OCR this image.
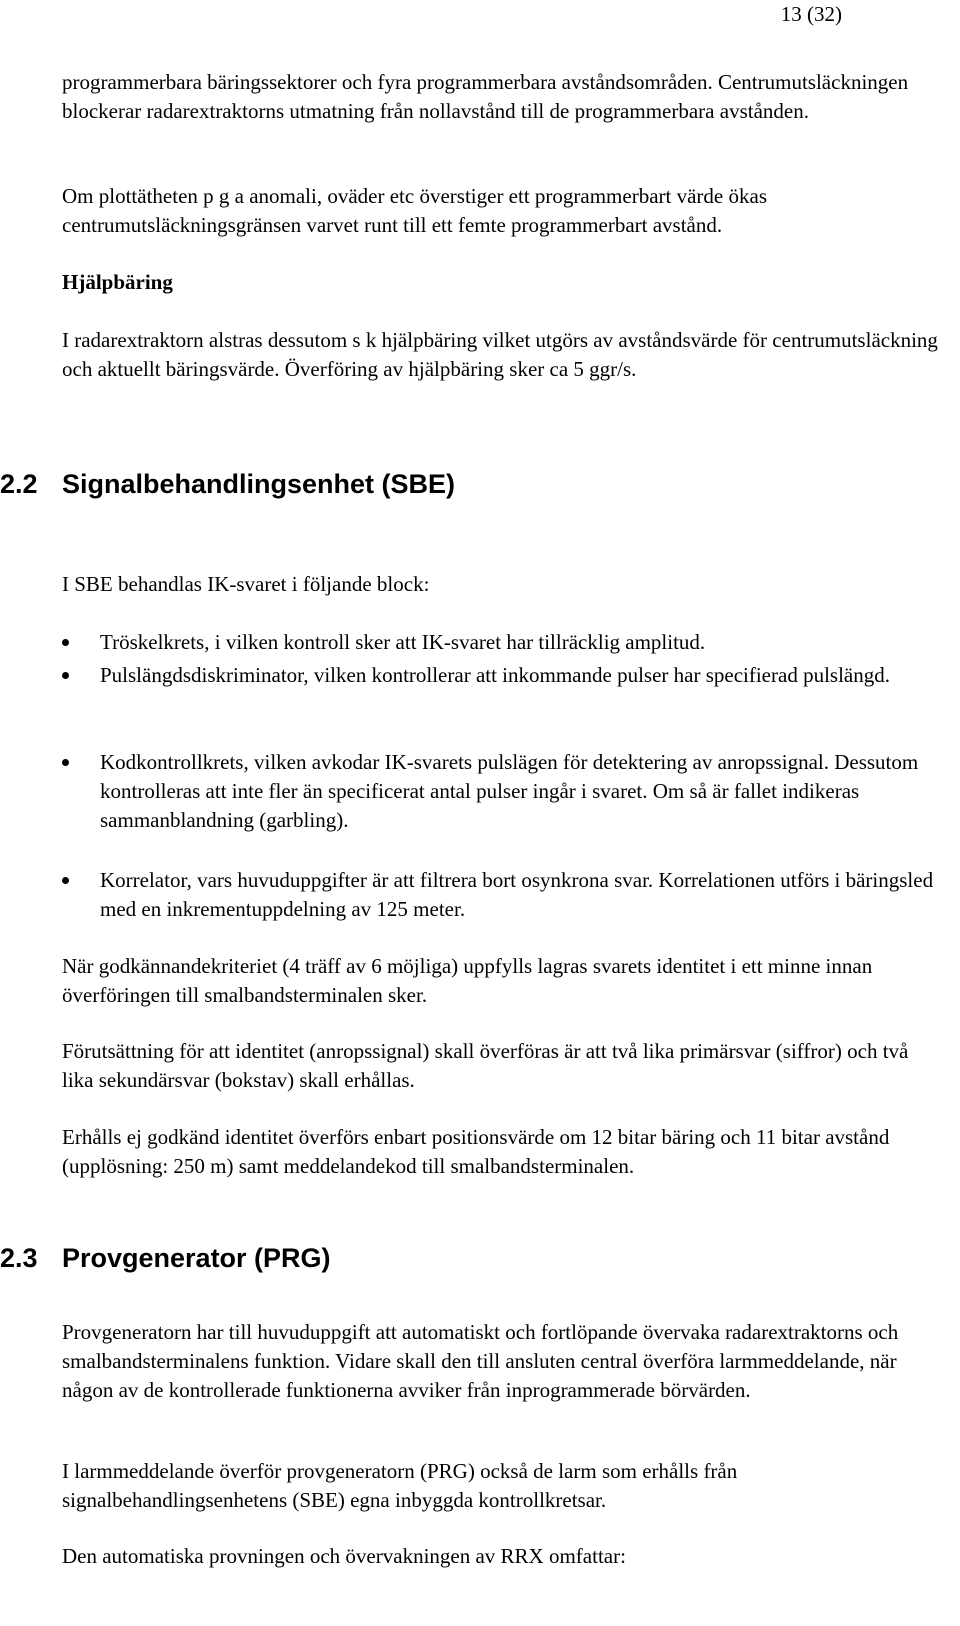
13 (32)

programmerbara bäringssektorer och fyra programmerbara avståndsområden. Centrumutsläckningen blockerar radarextraktorns utmatning från nollavstånd till de programmerbara avstånden.

Om plottätheten p g a anomali, oväder etc överstiger ett programmerbart värde ökas centrumutsläckningsgränsen varvet runt till ett femte programmerbart avstånd.

Hjälpbäring

I radarextraktorn alstras dessutom s k hjälpbäring vilket utgörs av avståndsvärde för centrumutsläckning och aktuellt bäringsvärde. Överföring av hjälpbäring sker ca 5 ggr/s.

2.2 Signalbehandlingsenhet (SBE)

I SBE behandlas IK-svaret i följande block:

Tröskelkrets, i vilken kontroll sker att IK-svaret har tillräcklig amplitud.
Pulslängdsdiskriminator, vilken kontrollerar att inkommande pulser har specifierad pulslängd.
Kodkontrollkrets, vilken avkodar IK-svarets pulslägen för detektering av anropssignal. Dessutom kontrolleras att inte fler än specificerat antal pulser ingår i svaret. Om så är fallet indikeras sammanblandning (garbling).
Korrelator, vars huvuduppgifter är att filtrera bort osynkrona svar. Korrelationen utförs i bäringsled med en inkrementuppdelning av 125 meter.

När godkännandekriteriet (4 träff av 6 möjliga) uppfylls lagras svarets identitet i ett minne innan överföringen till smalbandsterminalen sker.

Förutsättning för att identitet (anropssignal) skall överföras är att två lika primärsvar (siffror) och två lika sekundärsvar (bokstav) skall erhållas.

Erhålls ej godkänd identitet överförs enbart positionsvärde om 12 bitar bäring och 11 bitar avstånd (upplösning: 250 m) samt meddelandekod till smalbandsterminalen.

2.3 Provgenerator (PRG)

Provgeneratorn har till huvuduppgift att automatiskt och fortlöpande övervaka radarextraktorns och smalbandsterminalens funktion. Vidare skall den till ansluten central överföra larmmeddelande, när någon av de kontrollerade funktionerna avviker från inprogrammerade börvärden.

I larmmeddelande överför provgeneratorn (PRG) också de larm som erhålls från signalbehandlingsenhetens (SBE) egna inbyggda kontrollkretsar.

Den automatiska provningen och övervakningen av RRX omfattar:
